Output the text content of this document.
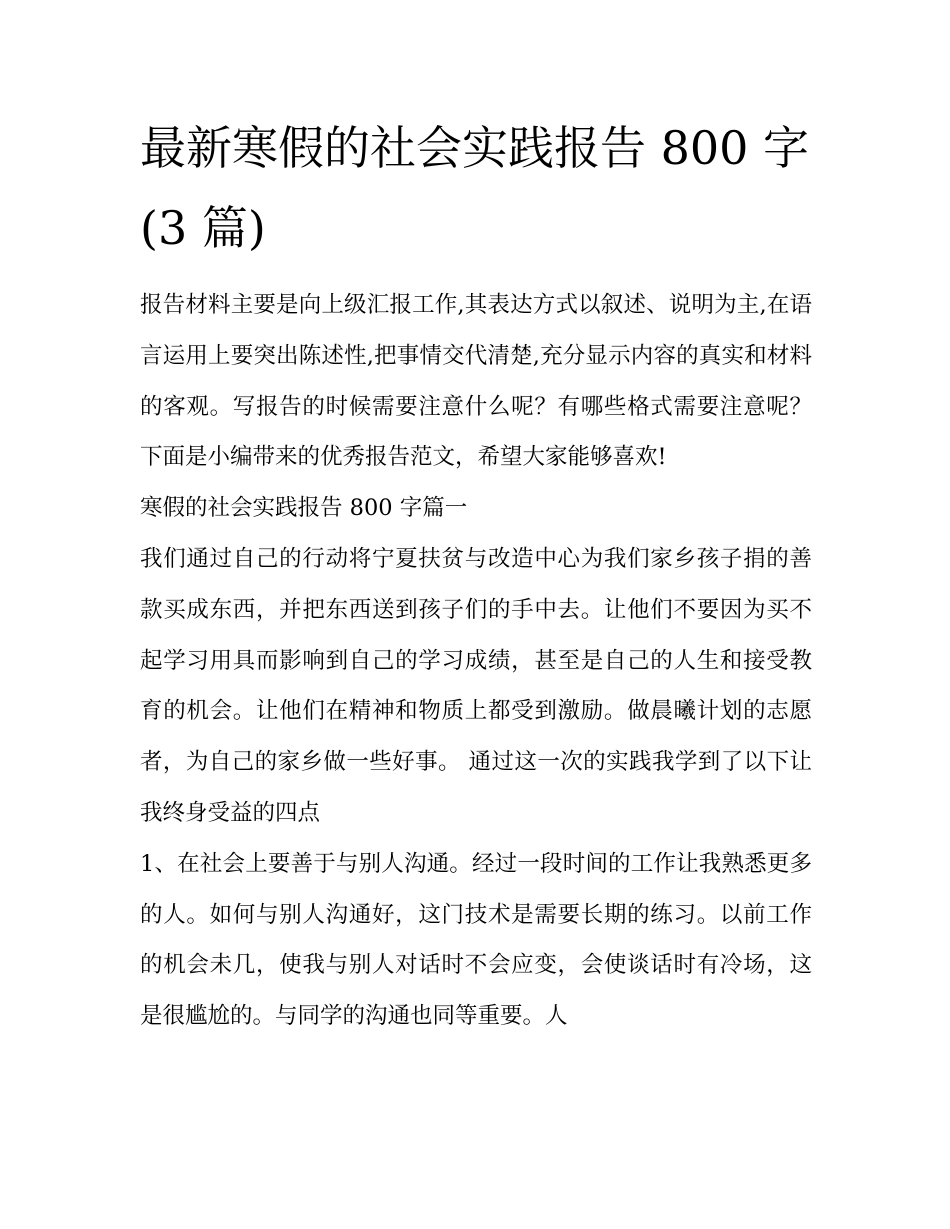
最新寒假的社会实践报告 800 字(3 篇)

报告材料主要是向上级汇报工作,其表达方式以叙述、说明为主,在语言运用上要突出陈述性,把事情交代清楚,充分显示内容的真实和材料的客观。写报告的时候需要注意什么呢？有哪些格式需要注意呢？下面是小编带来的优秀报告范文，希望大家能够喜欢!

寒假的社会实践报告 800 字篇一

我们通过自己的行动将宁夏扶贫与改造中心为我们家乡孩子捐的善款买成东西，并把东西送到孩子们的手中去。让他们不要因为买不起学习用具而影响到自己的学习成绩，甚至是自己的人生和接受教育的机会。让他们在精神和物质上都受到激励。做晨曦计划的志愿者，为自己的家乡做一些好事。 通过这一次的实践我学到了以下让我终身受益的四点

1、在社会上要善于与别人沟通。经过一段时间的工作让我熟悉更多的人。如何与别人沟通好，这门技术是需要长期的练习。以前工作的机会未几，使我与别人对话时不会应变，会使谈话时有冷场，这是很尴尬的。与同学的沟通也同等重要。人
